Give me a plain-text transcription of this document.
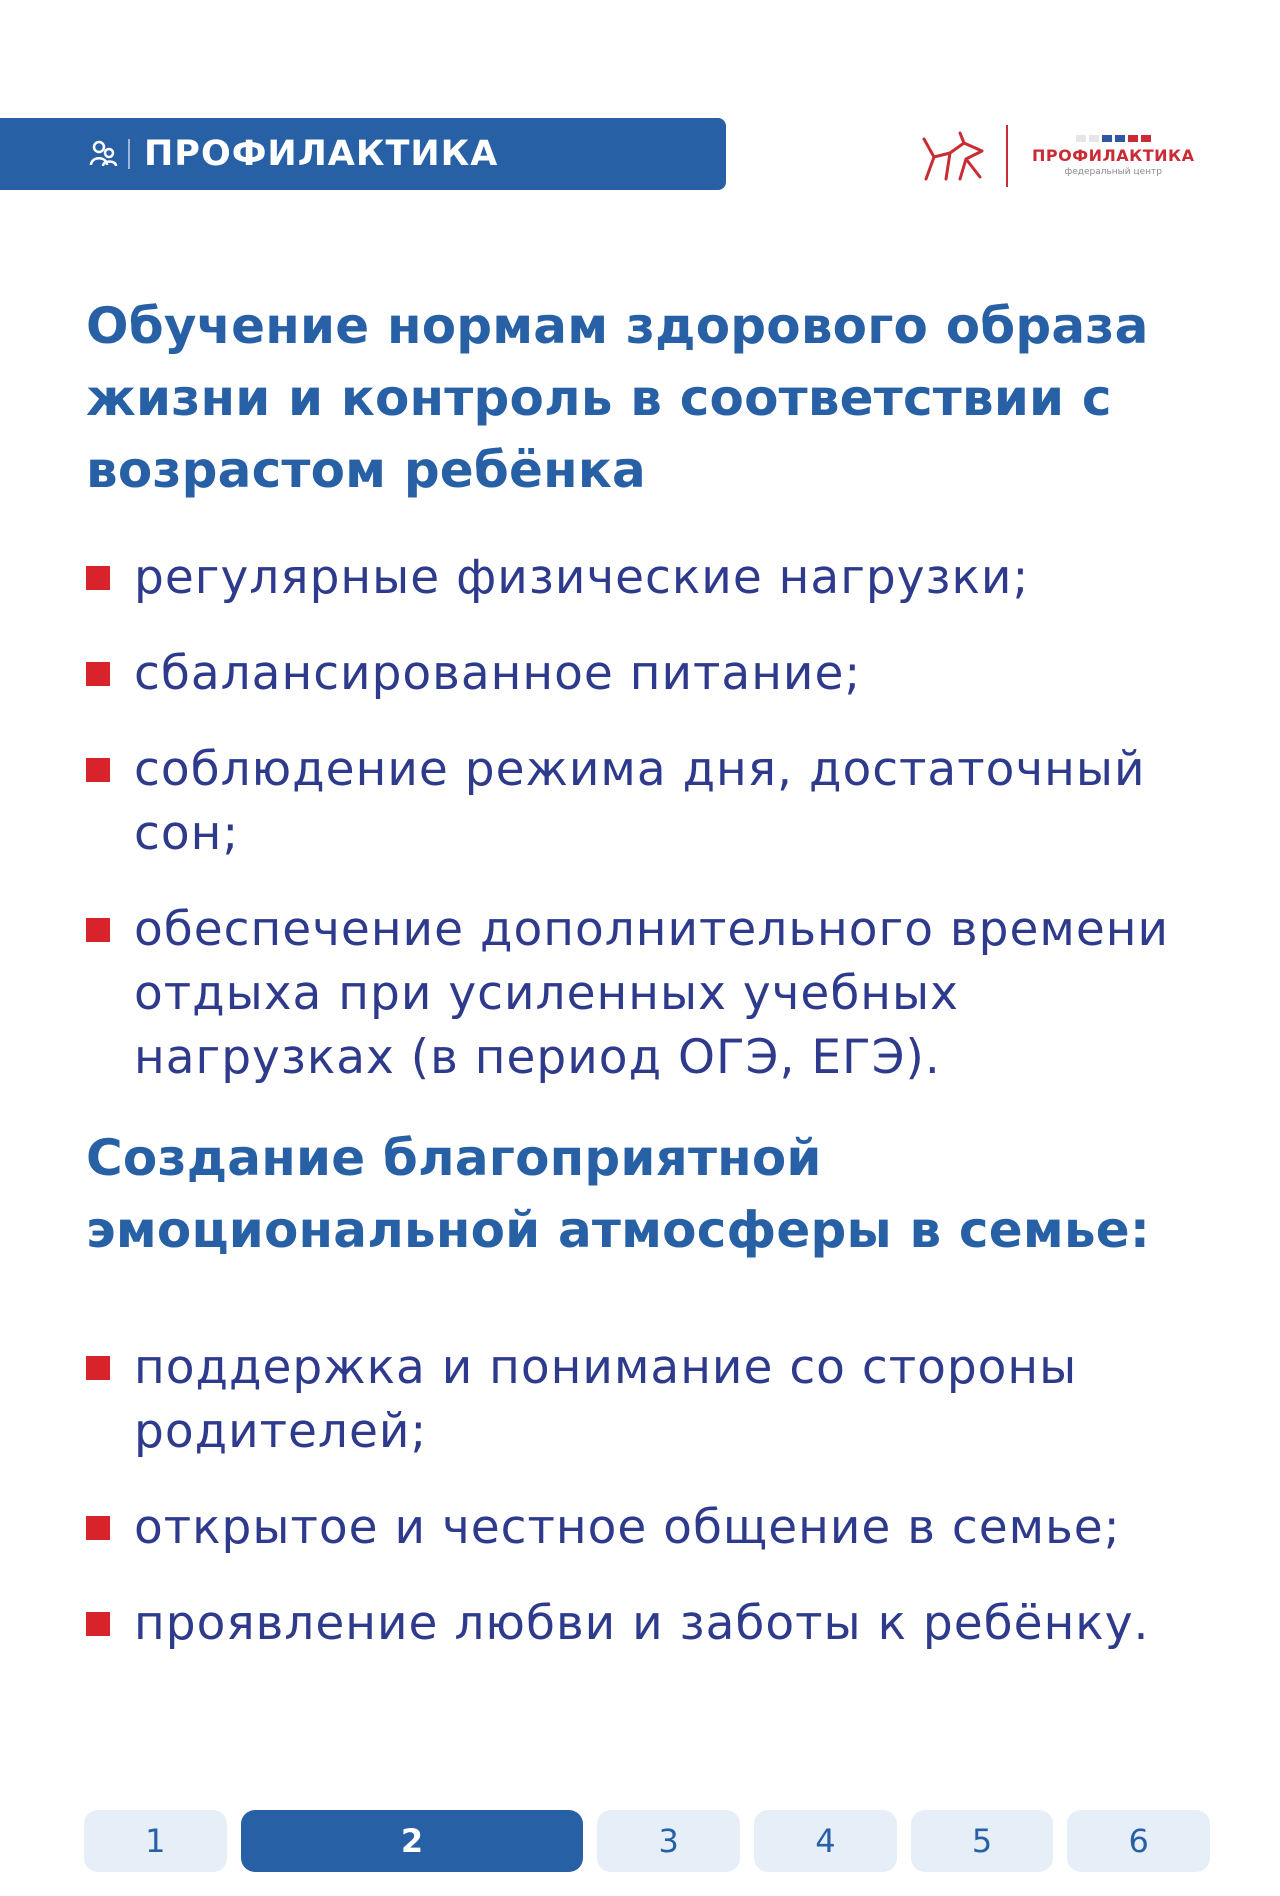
ПРОФИЛАКТИКА	ПРОФИЛАКТИКА
федеральный центр
Обучение нормам здорового образа жизни и контроль в соответствии с возрастом ребёнка
регулярные физические нагрузки;
сбалансированное питание;
соблюдение режима дня, достаточный сон;
обеспечение дополнительного времени отдыха при усиленных учебных нагрузках (в период ОГЭ, ЕГЭ).
Создание благоприятной эмоциональной атмосферы в семье:
поддержка и понимание со стороны родителей;
открытое и честное общение в семье;
проявление любви и заботы к ребёнку.
1	2	3	4	5	6
